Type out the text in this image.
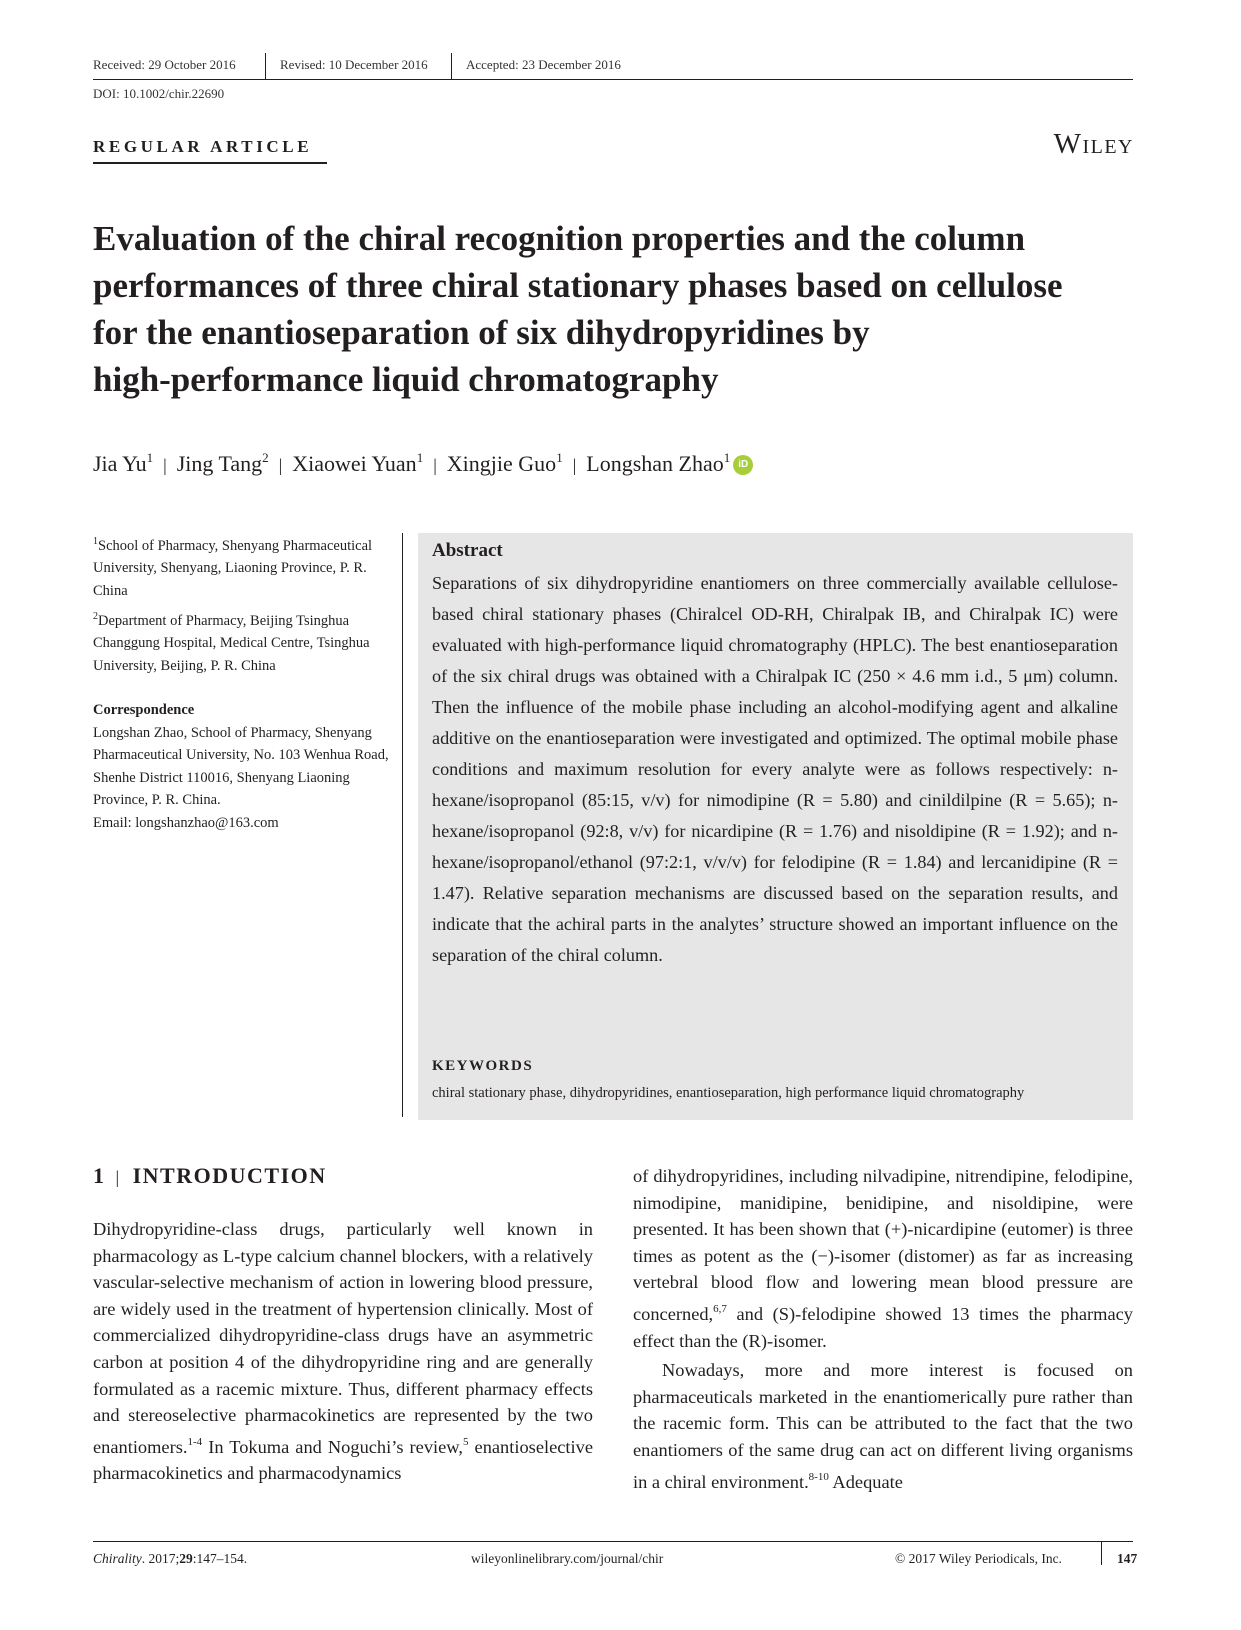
Received: 29 October 2016	Revised: 10 December 2016	Accepted: 23 December 2016
DOI: 10.1002/chir.22690
REGULAR ARTICLE	Wiley
Evaluation of the chiral recognition properties and the column
performances of three chiral stationary phases based on cellulose
for the enantioseparation of six dihydropyridines by
high-performance liquid chromatography
Jia Yu$^1$ | Jing Tang$^2$ | Xiaowei Yuan$^1$ | Xingjie Guo$^1$ | Longshan Zhao$^1$ iD
$^1$School of Pharmacy, Shenyang Pharmaceutical University, Shenyang, Liaoning Province, P. R. China
$^2$Department of Pharmacy, Beijing Tsinghua Changgung Hospital, Medical Centre, Tsinghua University, Beijing, P. R. China
Correspondence
Longshan Zhao, School of Pharmacy, Shenyang Pharmaceutical University, No. 103 Wenhua Road, Shenhe District 110016, Shenyang Liaoning Province, P. R. China.
Email: longshanzhao@163.com
Abstract
Separations of six dihydropyridine enantiomers on three commercially available cellulose-based chiral stationary phases (Chiralcel OD-RH, Chiralpak IB, and Chiralpak IC) were evaluated with high-performance liquid chromatography (HPLC). The best enantioseparation of the six chiral drugs was obtained with a Chiralpak IC (250 × 4.6 mm i.d., 5 μm) column. Then the influence of the mobile phase including an alcohol-modifying agent and alkaline additive on the enantioseparation were investigated and optimized. The optimal mobile phase conditions and maximum resolution for every analyte were as follows respectively: n-hexane/isopropanol (85:15, v/v) for nimodipine (R = 5.80) and cinildilpine (R = 5.65); n-hexane/isopropanol (92:8, v/v) for nicardipine (R = 1.76) and nisoldipine (R = 1.92); and n-hexane/isopropanol/ethanol (97:2:1, v/v/v) for felodipine (R = 1.84) and lercanidipine (R = 1.47). Relative separation mechanisms are discussed based on the separation results, and indicate that the achiral parts in the analytes’ structure showed an important influence on the separation of the chiral column.
KEYWORDS
chiral stationary phase, dihydropyridines, enantioseparation, high performance liquid chromatography
1 | INTRODUCTION

Dihydropyridine-class drugs, particularly well known in pharmacology as L-type calcium channel blockers, with a relatively vascular-selective mechanism of action in lowering blood pressure, are widely used in the treatment of hypertension clinically. Most of commercialized dihydropyridine-class drugs have an asymmetric carbon at position 4 of the dihydropyridine ring and are generally formulated as a racemic mixture. Thus, different pharmacy effects and stereoselective pharmacokinetics are represented by the two enantiomers.$^{1-4}$ In Tokuma and Noguchi’s review,$^5$ enantioselective pharmacokinetics and pharmacodynamics

of dihydropyridines, including nilvadipine, nitrendipine, felodipine, nimodipine, manidipine, benidipine, and nisoldipine, were presented. It has been shown that (+)-nicardipine (eutomer) is three times as potent as the (−)-isomer (distomer) as far as increasing vertebral blood flow and lowering mean blood pressure are concerned,$^{6,7}$ and (S)-felodipine showed 13 times the pharmacy effect than the (R)-isomer.

Nowadays, more and more interest is focused on pharmaceuticals marketed in the enantiomerically pure rather than the racemic form. This can be attributed to the fact that the two enantiomers of the same drug can act on different living organisms in a chiral environment.$^{8-10}$ Adequate

Chirality. 2017;29:147–154.	wileyonlinelibrary.com/journal/chir	© 2017 Wiley Periodicals, Inc.	147
